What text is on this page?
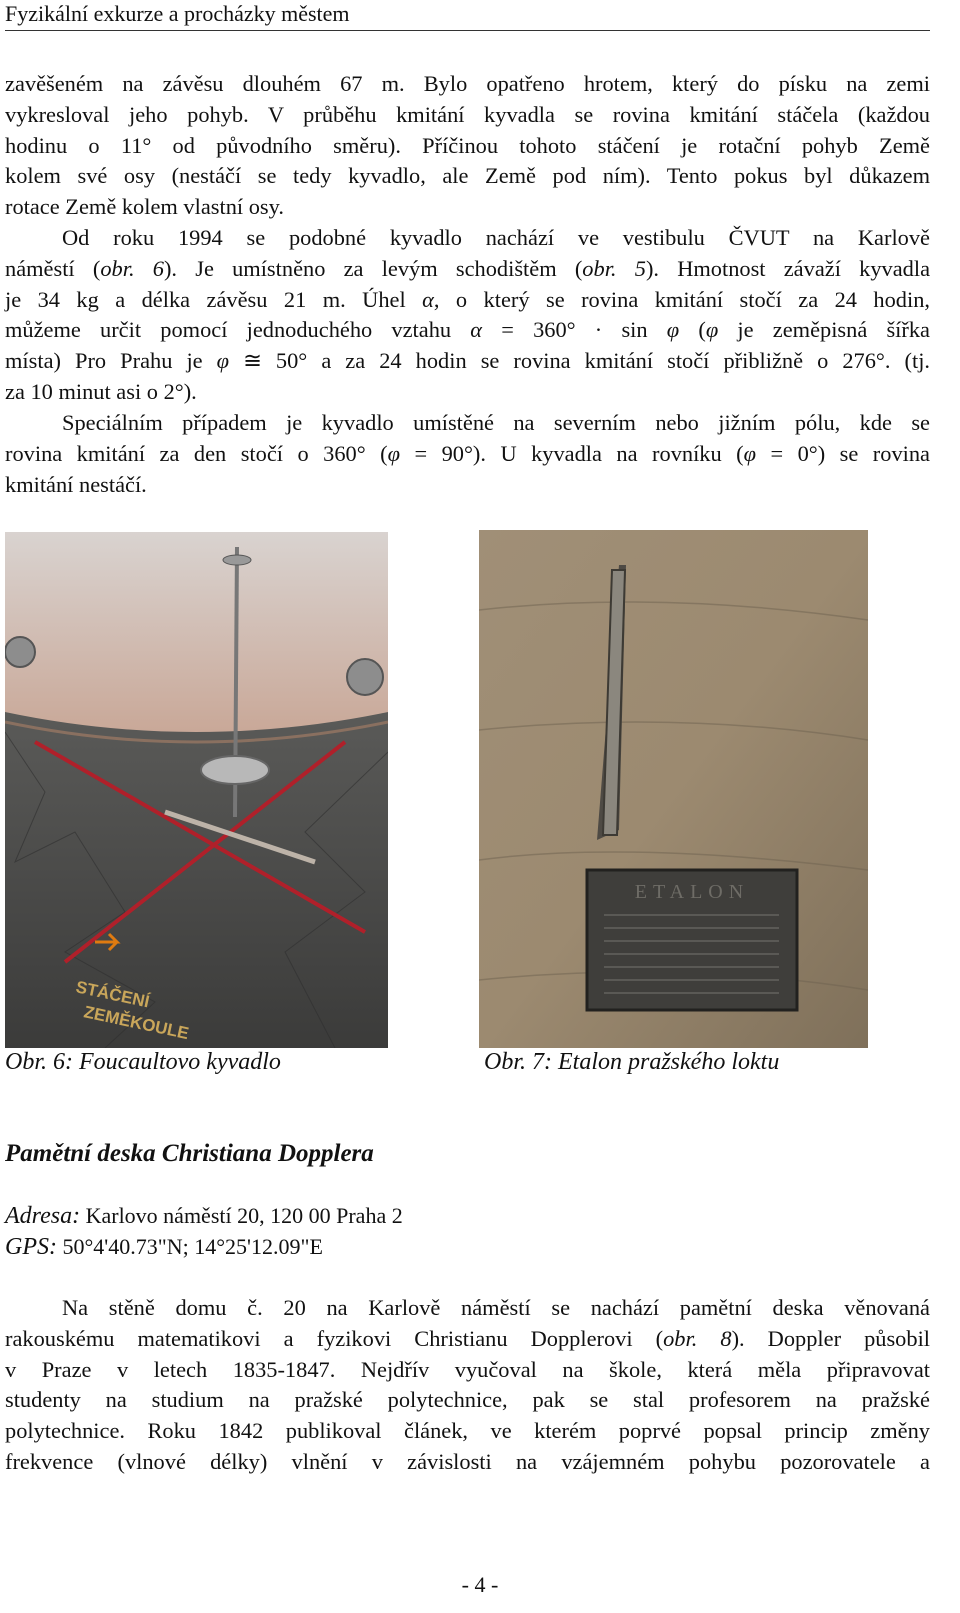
Fyzikální exkurze a procházky městem
zavěšeném na závěsu dlouhém 67 m. Bylo opatřeno hrotem, který do písku na zemi
vykresloval jeho pohyb. V průběhu kmitání kyvadla se rovina kmitání stáčela (každou
hodinu o 11° od původního směru). Příčinou tohoto stáčení je rotační pohyb Země
kolem své osy (nestáčí se tedy kyvadlo, ale Země pod ním). Tento pokus byl důkazem
rotace Země kolem vlastní osy.
Od roku 1994 se podobné kyvadlo nachází ve vestibulu ČVUT na Karlově
náměstí (obr. 6). Je umístněno za levým schodištěm (obr. 5). Hmotnost závaží kyvadla
je 34 kg a délka závěsu 21 m. Úhel α, o který se rovina kmitání stočí za 24 hodin,
můžeme určit pomocí jednoduchého vztahu α = 360° · sin φ (φ je zeměpisná šířka
místa) Pro Prahu je φ ≅ 50° a za 24 hodin se rovina kmitání stočí přibližně o 276°. (tj.
za 10 minut asi o 2°).
Speciálním případem je kyvadlo umístěné na severním nebo jižním pólu, kde se
rovina kmitání za den stočí o 360° (φ = 90°). U kyvadla na rovníku (φ = 0°) se rovina
kmitání nestáčí.
STÁČENÍ
ZEMĚKOULE
ETALON
Obr. 6: Foucaultovo kyvadlo	Obr. 7: Etalon pražského loktu
Pamětní deska Christiana Dopplera
Adresa: Karlovo náměstí 20, 120 00 Praha 2
GPS: 50°4'40.73"N; 14°25'12.09"E
Na stěně domu č. 20 na Karlově náměstí se nachází pamětní deska věnovaná
rakouskému matematikovi a fyzikovi Christianu Dopplerovi (obr. 8). Doppler působil
v Praze v letech 1835-1847. Nejdřív vyučoval na škole, která měla připravovat
studenty na studium na pražské polytechnice, pak se stal profesorem na pražské
polytechnice. Roku 1842 publikoval článek, ve kterém poprvé popsal princip změny
frekvence (vlnové délky) vlnění v závislosti na vzájemném pohybu pozorovatele a
- 4 -
